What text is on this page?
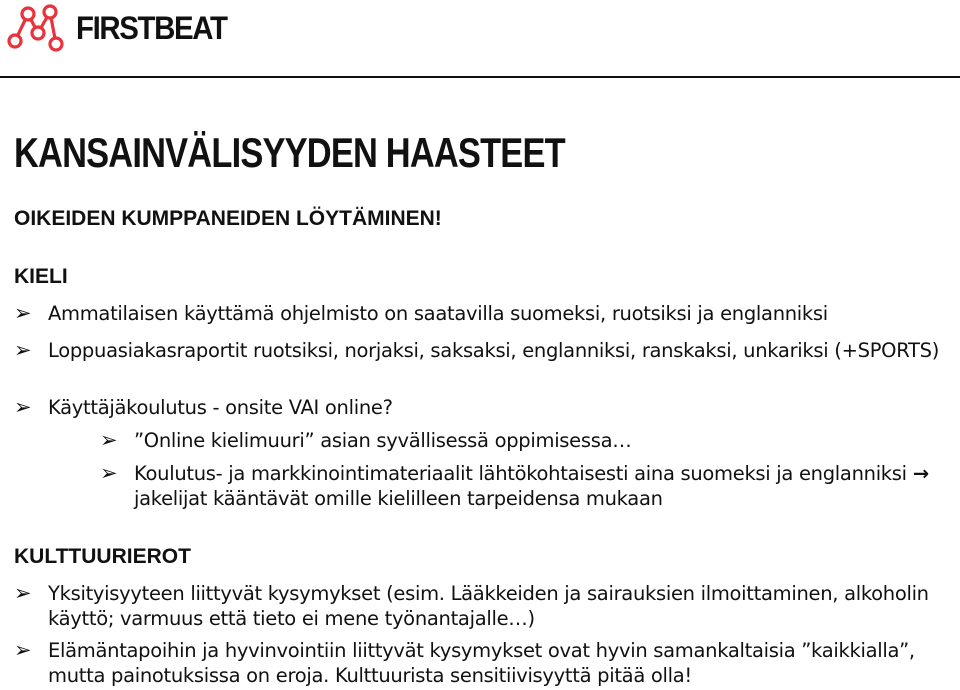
FIRSTBEAT
KANSAINVÄLISYYDEN HAASTEET
OIKEIDEN KUMPPANEIDEN LÖYTÄMINEN!
KIELI
➢ Ammatilaisen käyttämä ohjelmisto on saatavilla suomeksi, ruotsiksi ja englanniksi
➢ Loppuasiakasraportit ruotsiksi, norjaksi, saksaksi, englanniksi, ranskaksi, unkariksi (+SPORTS)
➢ Käyttäjäkoulutus - onsite VAI online?
➢ ”Online kielimuuri” asian syvällisessä oppimisessa…
➢ Koulutus- ja markkinointimateriaalit lähtökohtaisesti aina suomeksi ja englanniksi → jakelijat kääntävät omille kielilleen tarpeidensa mukaan
KULTTUURIEROT
➢ Yksityisyyteen liittyvät kysymykset (esim. Lääkkeiden ja sairauksien ilmoittaminen, alkoholin käyttö; varmuus että tieto ei mene työnantajalle…)
➢ Elämäntapoihin ja hyvinvointiin liittyvät kysymykset ovat hyvin samankaltaisia ”kaikkialla”, mutta painotuksissa on eroja. Kulttuurista sensitiivisyyttä pitää olla!
